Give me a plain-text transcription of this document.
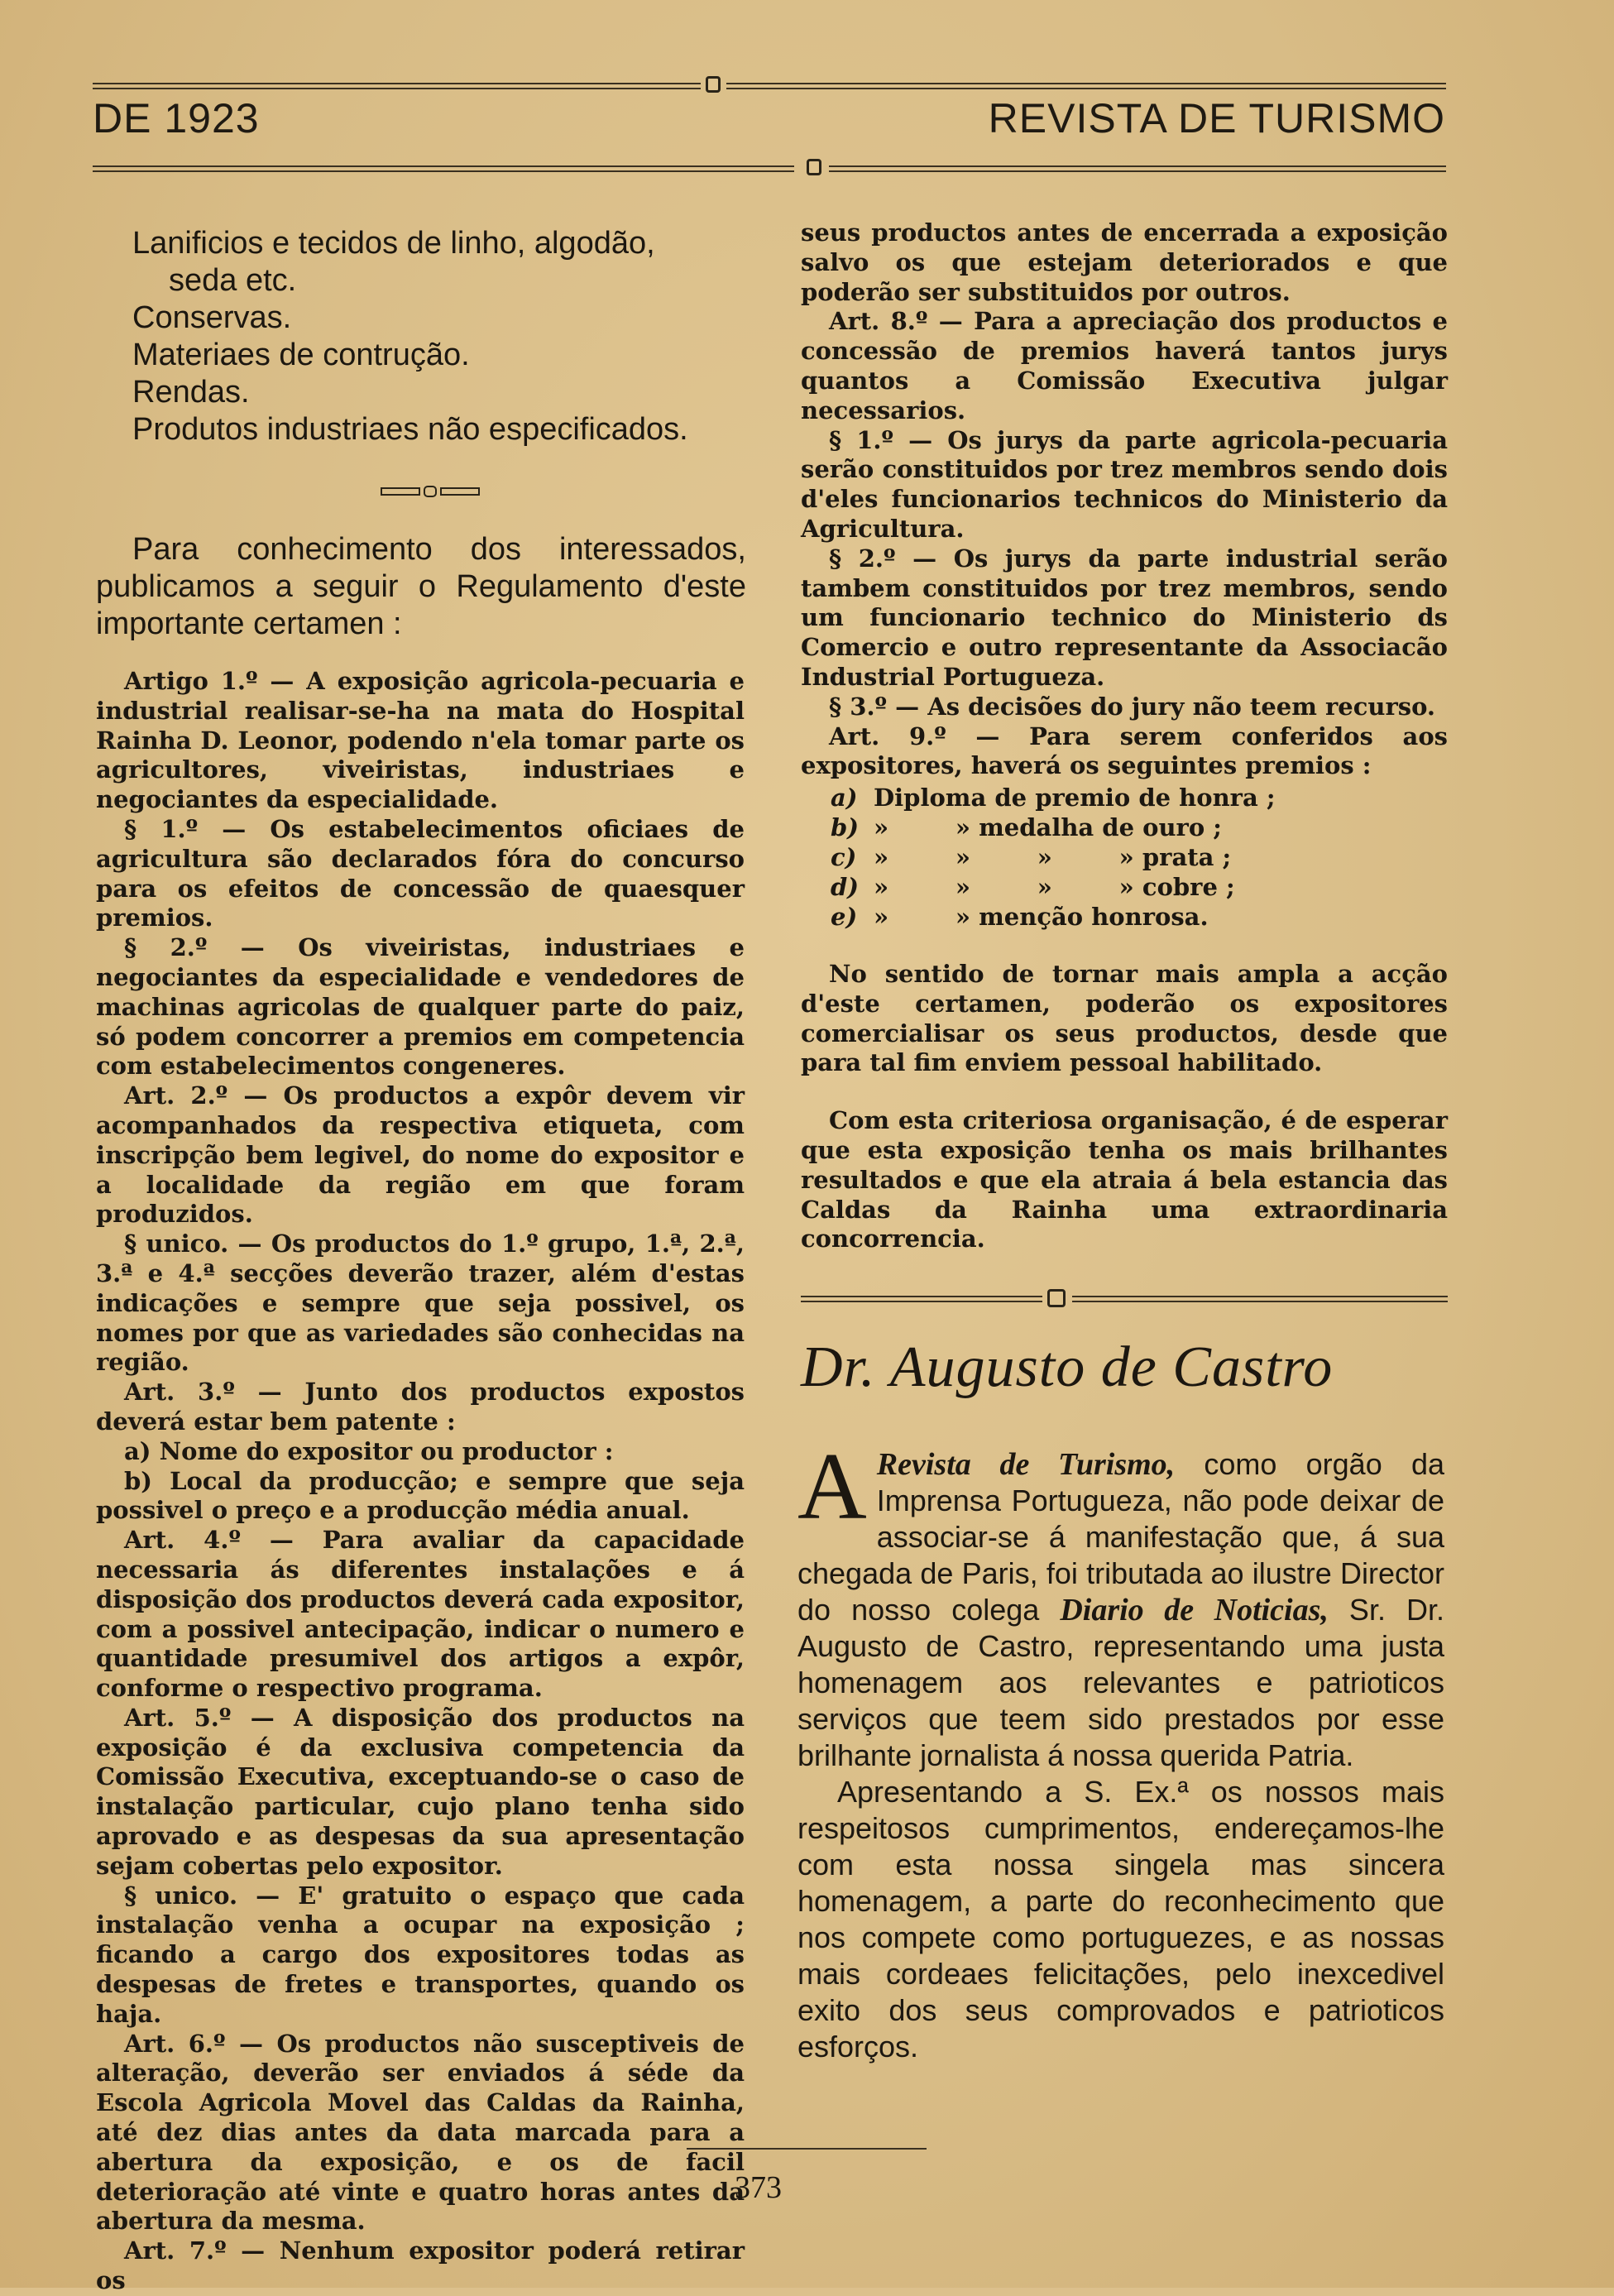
DE 1923	REVISTA DE TURISMO

Lanificios e tecidos de linho, algodão,

seda etc.

Conservas.

Materiaes de contrução.

Rendas.

Produtos industriaes não especificados.

Para conhecimento dos interessados, publicamos a seguir o Regulamento d'este importante certamen :

Artigo 1.º — A exposição agricola-pecuaria e industrial realisar-se-ha na mata do Hospital Rainha D. Leonor, podendo n'ela tomar parte os agricultores, viveiristas, industriaes e negociantes da especialidade.

§ 1.º — Os estabelecimentos oficiaes de agricultura são declarados fóra do concurso para os efeitos de concessão de quaesquer premios.

§ 2.º — Os viveiristas, industriaes e negociantes da especialidade e vendedores de machinas agricolas de qualquer parte do paiz, só podem concorrer a premios em competencia com estabelecimentos congeneres.

Art. 2.º — Os productos a expôr devem vir acompanhados da respectiva etiqueta, com inscripção bem legivel, do nome do expositor e a localidade da região em que foram produzidos.

§ unico. — Os productos do 1.º grupo, 1.ª, 2.ª, 3.ª e 4.ª secções deverão trazer, além d'estas indicações e sempre que seja possivel, os nomes por que as variedades são conhecidas na região.

Art. 3.º — Junto dos productos expostos deverá estar bem patente :

a) Nome do expositor ou productor :

b) Local da producção; e sempre que seja possivel o preço e a producção média anual.

Art. 4.º — Para avaliar da capacidade necessaria ás diferentes instalações e á disposição dos productos deverá cada expositor, com a possivel antecipação, indicar o numero e quantidade presumivel dos artigos a expôr, conforme o respectivo programa.

Art. 5.º — A disposição dos productos na exposição é da exclusiva competencia da Comissão Executiva, exceptuando-se o caso de instalação particular, cujo plano tenha sido aprovado e as despesas da sua apresentação sejam cobertas pelo expositor.

§ unico. — E' gratuito o espaço que cada instalação venha a ocupar na exposição ; ficando a cargo dos expositores todas as despesas de fretes e transportes, quando os haja.

Art. 6.º — Os productos não susceptiveis de alteração, deverão ser enviados á séde da Escola Agricola Movel das Caldas da Rainha, até dez dias antes da data marcada para a abertura da exposição, e os de facil deterioração até vinte e quatro horas antes da abertura da mesma.

Art. 7.º — Nenhum expositor poderá retirar os

seus productos antes de encerrada a exposição salvo os que estejam deteriorados e que poderão ser substituidos por outros.

Art. 8.º — Para a apreciação dos productos e concessão de premios haverá tantos jurys quantos a Comissão Executiva julgar necessarios.

§ 1.º — Os jurys da parte agricola-pecuaria serão constituidos por trez membros sendo dois d'eles funcionarios technicos do Ministerio da Agricultura.

§ 2.º — Os jurys da parte industrial serão tambem constituidos por trez membros, sendo um funcionario technico do Ministerio ds Comercio e outro representante da Associacão Industrial Portugueza.

§ 3.º — As decisões do jury não teem recurso.

Art. 9.º — Para serem conferidos aos expositores, haverá os seguintes premios :

a) Diploma de premio de honra ;
b) »        » medalha de ouro ;
c) »        »        »        » prata ;
d) »        »        »        » cobre ;
e) »        » menção honrosa.

No sentido de tornar mais ampla a acção d'este certamen, poderão os expositores comercialisar os seus productos, desde que para tal fim enviem pessoal habilitado.

Com esta criteriosa organisação, é de esperar que esta exposição tenha os mais brilhantes resultados e que ela atraia á bela estancia das Caldas da Rainha uma extraordinaria concorrencia.

Dr. Augusto de Castro

A Revista de Turismo, como orgão da Imprensa Portugueza, não pode deixar de associar-se á manifestação que, á sua chegada de Paris, foi tributada ao ilustre Director do nosso colega Diario de Noticias, Sr. Dr. Augusto de Castro, representando uma justa homenagem aos relevantes e patrioticos serviços que teem sido prestados por esse brilhante jornalista á nossa querida Patria.

Apresentando a S. Ex.ª os nossos mais respeitosos cumprimentos, endereçamos-lhe com esta nossa singela mas sincera homenagem, a parte do reconhecimento que nos compete como portuguezes, e as nossas mais cordeaes felicitações, pelo inexcedivel exito dos seus comprovados e patrioticos esforços.

373
